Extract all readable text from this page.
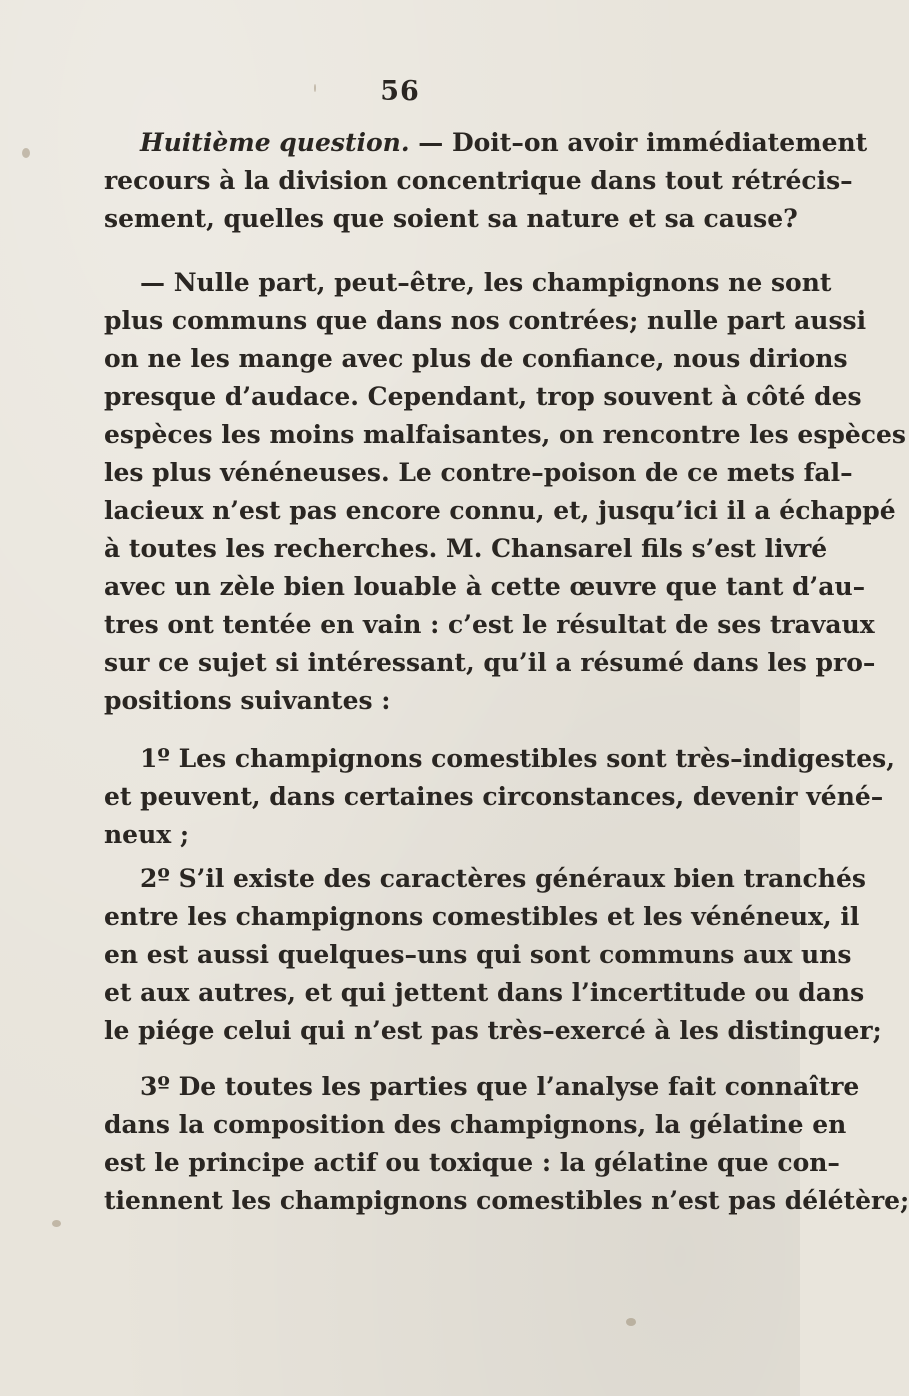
56
Huitième question. — Doit–on avoir immédiatement
recours à la division concentrique dans tout rétrécis–
sement, quelles que soient sa nature et sa cause?
— Nulle part, peut–être, les champignons ne sont
plus communs que dans nos contrées; nulle part aussi
on ne les mange avec plus de confiance, nous dirions
presque d’audace. Cependant, trop souvent à côté des
espèces les moins malfaisantes, on rencontre les espèces
les plus vénéneuses. Le contre–poison de ce mets fal–
lacieux n’est pas encore connu, et, jusqu’ici il a échappé
à toutes les recherches. M. Chansarel fils s’est livré
avec un zèle bien louable à cette œuvre que tant d’au–
tres ont tentée en vain : c’est le résultat de ses travaux
sur ce sujet si intéressant, qu’il a résumé dans les pro–
positions suivantes :
1º Les champignons comestibles sont très–indigestes,
et peuvent, dans certaines circonstances, devenir véné–
neux ;
2º S’il existe des caractères généraux bien tranchés
entre les champignons comestibles et les vénéneux, il
en est aussi quelques–uns qui sont communs aux uns
et aux autres, et qui jettent dans l’incertitude ou dans
le piége celui qui n’est pas très–exercé à les distinguer;
3º De toutes les parties que l’analyse fait connaître
dans la composition des champignons, la gélatine en
est le principe actif ou toxique : la gélatine que con–
tiennent les champignons comestibles n’est pas délétère;
